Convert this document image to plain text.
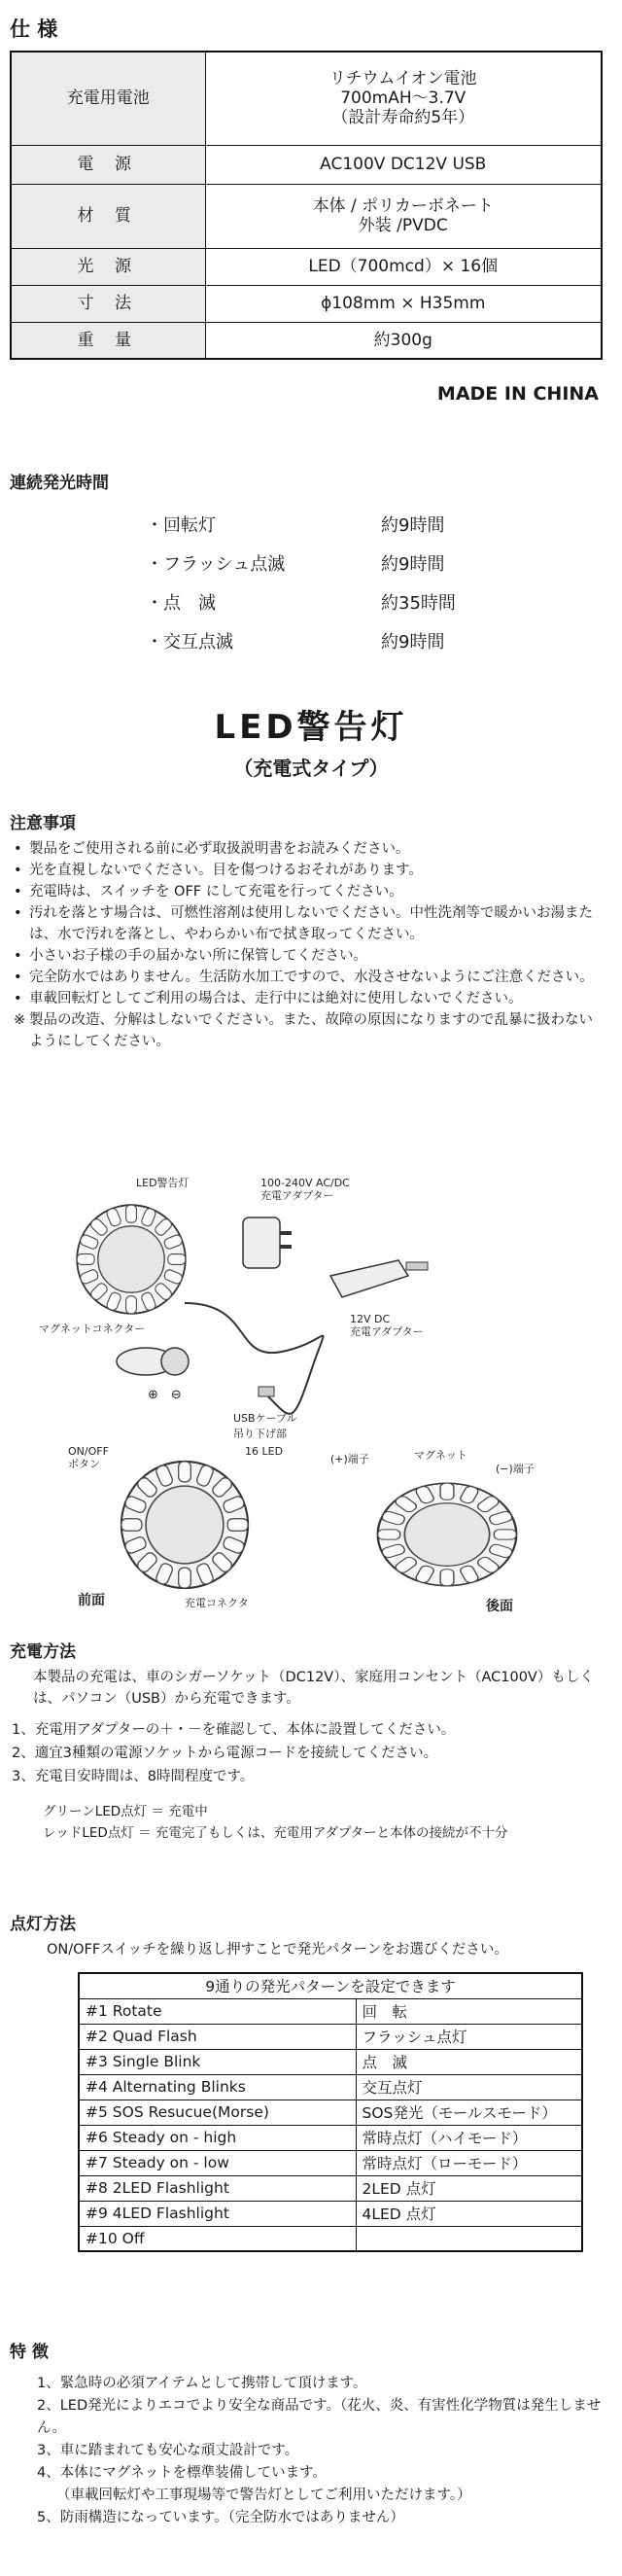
仕 様
充電用電池	リチウムイオン電池
700mAH～3.7V
（設計寿命約5年）

電 源	AC100V DC12V USB

材 質	本体 / ポリカーボネート
外装 /PVDC

光 源	LED（700mcd）× 16個

寸 法	ϕ108mm × H35mm

重 量	約300g
MADE IN CHINA
連続発光時間
・回転灯	約9時間
・フラッシュ点滅	約9時間
・点　滅	約35時間
・交互点滅	約9時間
LED警告灯
（充電式タイプ）
注意事項
• 製品をご使用される前に必ず取扱説明書をお読みください。
• 光を直視しないでください。目を傷つけるおそれがあります。
• 充電時は、スイッチを OFF にして充電を行ってください。
• 汚れを落とす場合は、可燃性溶剤は使用しないでください。中性洗剤等で暖かいお湯または、水で汚れを落とし、やわらかい布で拭き取ってください。
• 小さいお子様の手の届かない所に保管してください。
• 完全防水ではありません。生活防水加工ですので、水没させないようにご注意ください。
• 車載回転灯としてご利用の場合は、走行中には絶対に使用しないでください。
※ 製品の改造、分解はしないでください。また、故障の原因になりますので乱暴に扱わないようにしてください。
LED警告灯	100-240V AC/DC 充電アダプター
12V DC 充電アダプター
USBケーブル
マグネットコネクター
⊕　⊖
吊り下げ部
16 LED
ON/OFF ボタン
前面	充電コネクタ
(+)端子	マグネット
(−)端子
後面
充電方法
本製品の充電は、車のシガーソケット（DC12V）、家庭用コンセント（AC100V）もしくは、パソコン（USB）から充電できます。
1、充電用アダプターの＋・－を確認して、本体に設置してください。
2、適宜3種類の電源ソケットから電源コードを接続してください。
3、充電目安時間は、8時間程度です。
グリーンLED点灯 ＝ 充電中
レッドLED点灯 ＝ 充電完了もしくは、充電用アダプターと本体の接続が不十分
点灯方法
ON/OFFスイッチを繰り返し押すことで発光パターンをお選びください。
9通りの発光パターンを設定できます	
#1 Rotate	回　転
#2 Quad Flash	フラッシュ点灯
#3 Single Blink	点　滅
#4 Alternating Blinks	交互点灯
#5 SOS Resucue(Morse)	SOS発光（モールスモード）
#6 Steady on - high	常時点灯（ハイモード）
#7 Steady on - low	常時点灯（ローモード）
#8 2LED Flashlight	2LED 点灯
#9 4LED Flashlight	4LED 点灯
#10 Off	
特 徴
1、緊急時の必須アイテムとして携帯して頂けます。
2、LED発光によりエコでより安全な商品です。（花火、炎、有害性化学物質は発生しません。
3、車に踏まれても安心な頑丈設計です。
4、本体にマグネットを標準装備しています。
（車載回転灯や工事現場等で警告灯としてご利用いただけます。）
5、防雨構造になっています。（完全防水ではありません）
